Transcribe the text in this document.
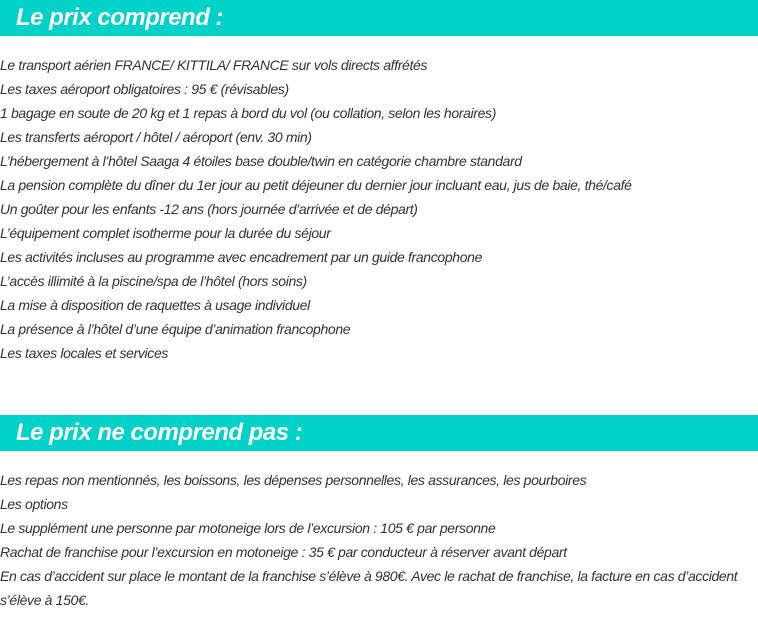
Le prix comprend :
Le transport aérien FRANCE/ KITTILA/ FRANCE sur vols directs affrétés
Les taxes aéroport obligatoires : 95 € (révisables)
1 bagage en soute de 20 kg et 1 repas à bord du vol (ou collation, selon les horaires)
Les transferts aéroport / hôtel / aéroport (env. 30 min)
L’hébergement à l’hôtel Saaga 4 étoiles base double/twin en catégorie chambre standard
La pension complète du dîner du 1er jour au petit déjeuner du dernier jour incluant eau, jus de baie, thé/café
Un goûter pour les enfants -12 ans (hors journée d’arrivée et de départ)
L’équipement complet isotherme pour la durée du séjour
Les activités incluses au programme avec encadrement par un guide francophone
L’accès illimité à la piscine/spa de l’hôtel (hors soins)
La mise à disposition de raquettes à usage individuel
La présence à l’hôtel d’une équipe d’animation francophone
Les taxes locales et services
Le prix ne comprend pas :
Les repas non mentionnés, les boissons, les dépenses personnelles, les assurances, les pourboires
Les options
Le supplément une personne par motoneige lors de l’excursion : 105 € par personne
Rachat de franchise pour l’excursion en motoneige : 35 € par conducteur à réserver avant départ
En cas d’accident sur place le montant de la franchise s’élève à 980€. Avec le rachat de franchise, la facture en cas d’accident s’élève à 150€.
